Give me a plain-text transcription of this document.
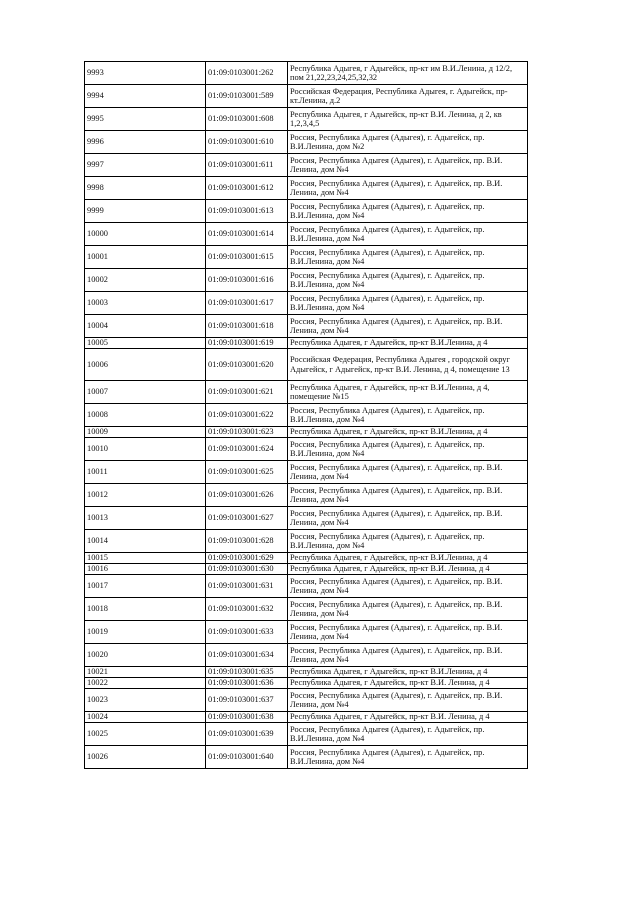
9993	01:09:0103001:262	Республика Адыгея, г Адыгейск, пр-кт им В.И.Ленина, д 12/2, пом 21,22,23,24,25,32,32
9994	01:09:0103001:589	Российская Федерация, Республика Адыгея, г. Адыгейск, пр-кт.Ленина, д.2
9995	01:09:0103001:608	Республика Адыгея, г Адыгейск, пр-кт В.И. Ленина, д 2, кв 1,2,3,4,5
9996	01:09:0103001:610	Россия, Республика Адыгея (Адыгея), г. Адыгейск, пр. В.И.Ленина, дом №2
9997	01:09:0103001:611	Россия, Республика Адыгея (Адыгея), г. Адыгейск, пр. В.И. Ленина, дом №4
9998	01:09:0103001:612	Россия, Республика Адыгея (Адыгея), г. Адыгейск, пр. В.И. Ленина, дом №4
9999	01:09:0103001:613	Россия, Республика Адыгея (Адыгея), г. Адыгейск, пр. В.И.Ленина, дом №4
10000	01:09:0103001:614	Россия, Республика Адыгея (Адыгея), г. Адыгейск, пр. В.И.Ленина, дом №4
10001	01:09:0103001:615	Россия, Республика Адыгея (Адыгея), г. Адыгейск, пр. В.И.Ленина, дом №4
10002	01:09:0103001:616	Россия, Республика Адыгея (Адыгея), г. Адыгейск, пр. В.И.Ленина, дом №4
10003	01:09:0103001:617	Россия, Республика Адыгея (Адыгея), г. Адыгейск, пр. В.И.Ленина, дом №4
10004	01:09:0103001:618	Россия, Республика Адыгея (Адыгея), г. Адыгейск, пр. В.И. Ленина, дом №4
10005	01:09:0103001:619	Республика Адыгея, г Адыгейск, пр-кт В.И.Ленина, д 4
10006	01:09:0103001:620	Российская Федерация, Республика Адыгея , городской округ Адыгейск, г Адыгейск, пр-кт В.И. Ленина, д 4, помещение 13
10007	01:09:0103001:621	Республика Адыгея, г Адыгейск, пр-кт В.И.Ленина, д 4, помещение №15
10008	01:09:0103001:622	Россия, Республика Адыгея (Адыгея), г. Адыгейск, пр. В.И.Ленина, дом №4
10009	01:09:0103001:623	Республика Адыгея, г Адыгейск, пр-кт В.И.Ленина, д 4
10010	01:09:0103001:624	Россия, Республика Адыгея (Адыгея), г. Адыгейск, пр. В.И.Ленина, дом №4
10011	01:09:0103001:625	Россия, Республика Адыгея (Адыгея), г. Адыгейск, пр. В.И. Ленина, дом №4
10012	01:09:0103001:626	Россия, Республика Адыгея (Адыгея), г. Адыгейск, пр. В.И. Ленина, дом №4
10013	01:09:0103001:627	Россия, Республика Адыгея (Адыгея), г. Адыгейск, пр. В.И. Ленина, дом №4
10014	01:09:0103001:628	Россия, Республика Адыгея (Адыгея), г. Адыгейск, пр. В.И.Ленина, дом №4
10015	01:09:0103001:629	Республика Адыгея, г Адыгейск, пр-кт В.И.Ленина, д 4
10016	01:09:0103001:630	Республика Адыгея, г Адыгейск, пр-кт В.И. Ленина, д 4
10017	01:09:0103001:631	Россия, Республика Адыгея (Адыгея), г. Адыгейск, пр. В.И. Ленина, дом №4
10018	01:09:0103001:632	Россия, Республика Адыгея (Адыгея), г. Адыгейск, пр. В.И. Ленина, дом №4
10019	01:09:0103001:633	Россия, Республика Адыгея (Адыгея), г. Адыгейск, пр. В.И. Ленина, дом №4
10020	01:09:0103001:634	Россия, Республика Адыгея (Адыгея), г. Адыгейск, пр. В.И. Ленина, дом №4
10021	01:09:0103001:635	Республика Адыгея, г Адыгейск, пр-кт В.И.Ленина, д 4
10022	01:09:0103001:636	Республика Адыгея, г Адыгейск, пр-кт В.И. Ленина, д 4
10023	01:09:0103001:637	Россия, Республика Адыгея (Адыгея), г. Адыгейск, пр. В.И. Ленина, дом №4
10024	01:09:0103001:638	Республика Адыгея, г Адыгейск, пр-кт В.И. Ленина, д 4
10025	01:09:0103001:639	Россия, Республика Адыгея (Адыгея), г. Адыгейск, пр. В.И.Ленина, дом №4
10026	01:09:0103001:640	Россия, Республика Адыгея (Адыгея), г. Адыгейск, пр. В.И.Ленина, дом №4
